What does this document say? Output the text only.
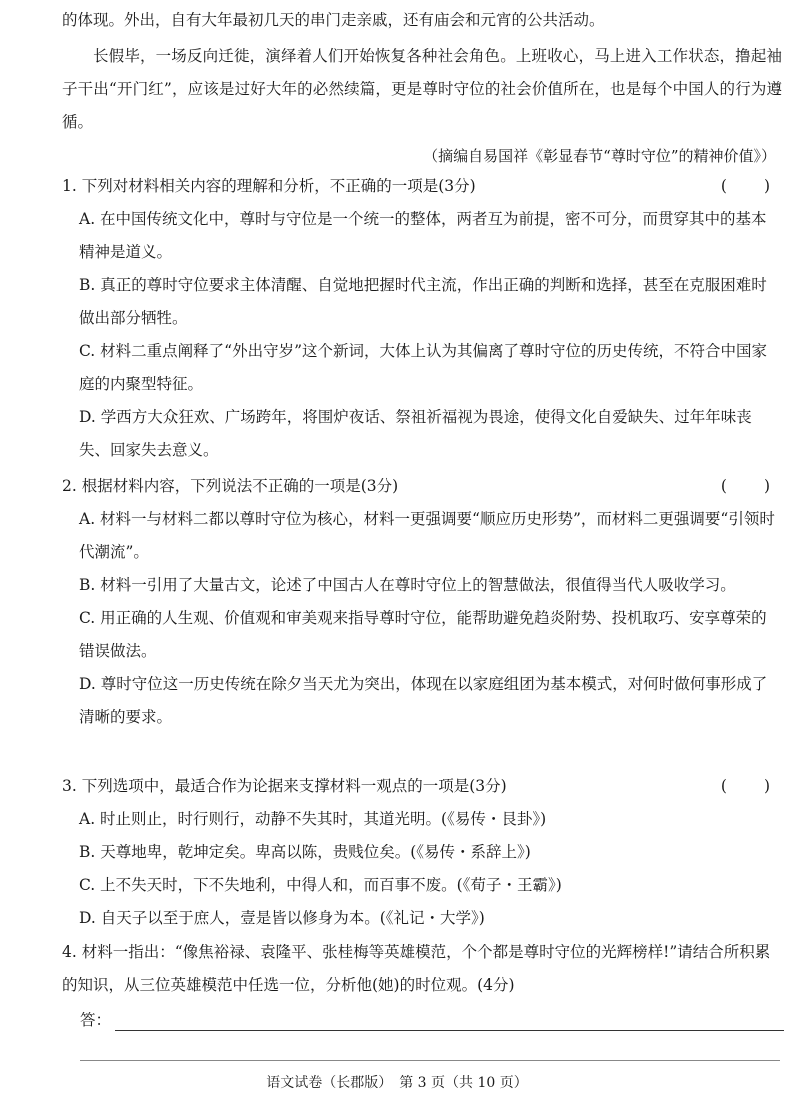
的体现。外出，自有大年最初几天的串门走亲戚，还有庙会和元宵的公共活动。

长假毕，一场反向迁徙，演绎着人们开始恢复各种社会角色。上班收心，马上进入工作状态，撸起袖子干出“开门红”，应该是过好大年的必然续篇，更是尊时守位的社会价值所在，也是每个中国人的行为遵循。

（摘编自易国祥《彰显春节“尊时守位”的精神价值》）
1. 下列对材料相关内容的理解和分析，不正确的一项是(3分)	(　　)
A. 在中国传统文化中，尊时与守位是一个统一的整体，两者互为前提，密不可分，而贯穿其中的基本精神是道义。
B. 真正的尊时守位要求主体清醒、自觉地把握时代主流，作出正确的判断和选择，甚至在克服困难时做出部分牺牲。
C. 材料二重点阐释了“外出守岁”这个新词，大体上认为其偏离了尊时守位的历史传统，不符合中国家庭的内聚型特征。
D. 学西方大众狂欢、广场跨年，将围炉夜话、祭祖祈福视为畏途，使得文化自爱缺失、过年年味丧失、回家失去意义。
2. 根据材料内容，下列说法不正确的一项是(3分)	(　　)
A. 材料一与材料二都以尊时守位为核心，材料一更强调要“顺应历史形势”，而材料二更强调要“引领时代潮流”。
B. 材料一引用了大量古文，论述了中国古人在尊时守位上的智慧做法，很值得当代人吸收学习。
C. 用正确的人生观、价值观和审美观来指导尊时守位，能帮助避免趋炎附势、投机取巧、安享尊荣的错误做法。
D. 尊时守位这一历史传统在除夕当天尤为突出，体现在以家庭组团为基本模式，对何时做何事形成了清晰的要求。
3. 下列选项中，最适合作为论据来支撑材料一观点的一项是(3分)	(　　)
A. 时止则止，时行则行，动静不失其时，其道光明。(《易传・艮卦》)
B. 天尊地卑，乾坤定矣。卑高以陈，贵贱位矣。(《易传・系辞上》)
C. 上不失天时，下不失地利，中得人和，而百事不废。(《荀子・王霸》)
D. 自天子以至于庶人，壹是皆以修身为本。(《礼记・大学》)
4. 材料一指出：“像焦裕禄、袁隆平、张桂梅等英雄模范，个个都是尊时守位的光辉榜样!”请结合所积累的知识，从三位英雄模范中任选一位，分析他(她)的时位观。(4分)
答：
语文试卷（长郡版）　第 3 页（共 10 页）
